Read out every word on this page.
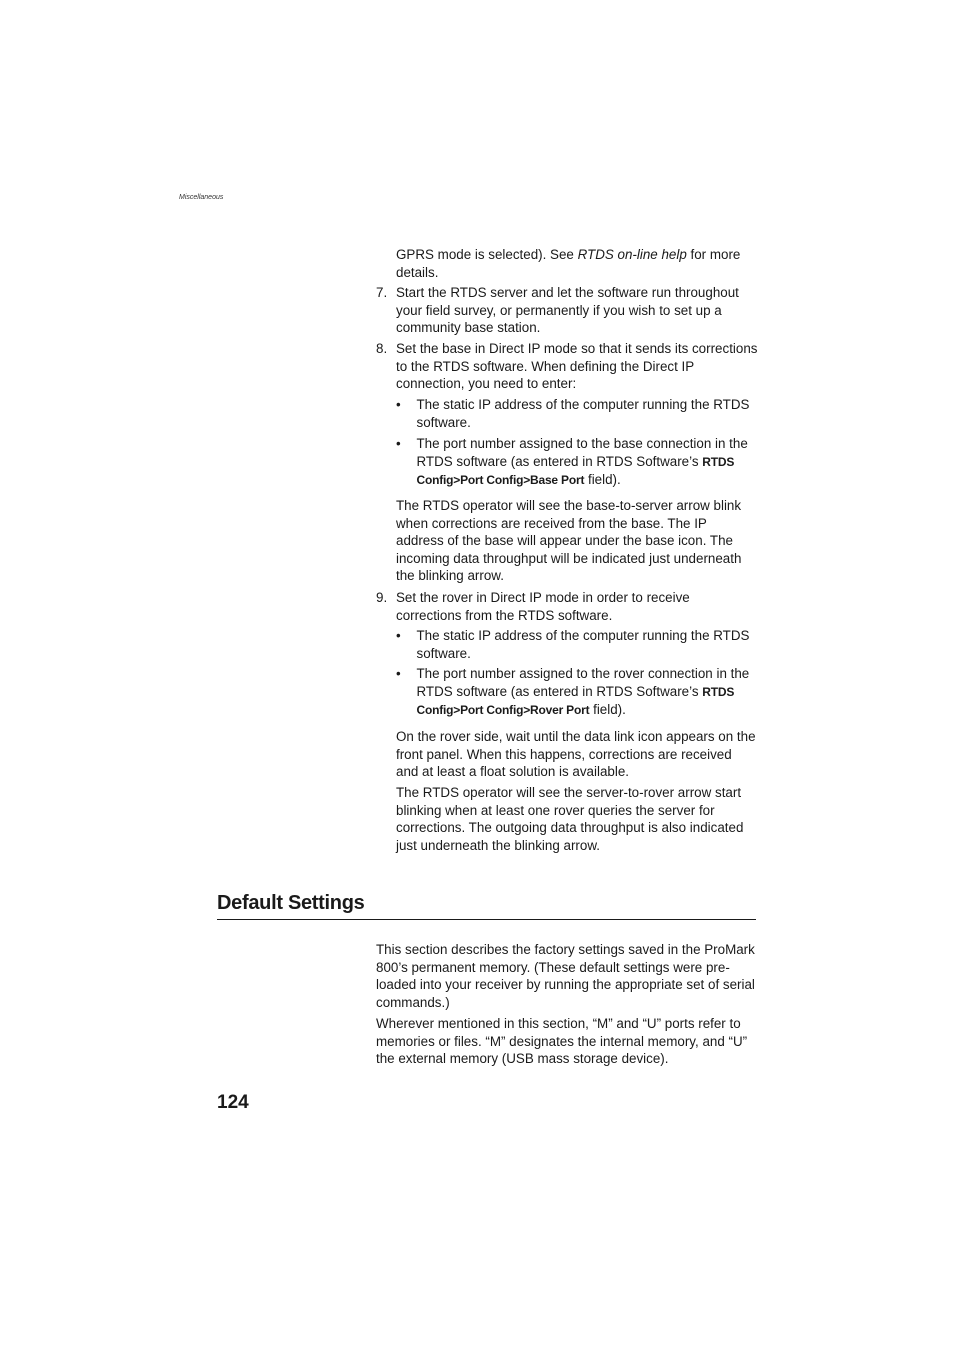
Miscellaneous

GPRS mode is selected). See RTDS on-line help for more details.

7. Start the RTDS server and let the software run throughout your field survey, or permanently if you wish to set up a community base station.
8. Set the base in Direct IP mode so that it sends its corrections to the RTDS software. When defining the Direct IP connection, you need to enter:
• The static IP address of the computer running the RTDS software.
• The port number assigned to the base connection in the RTDS software (as entered in RTDS Software’s RTDS Config>Port Config>Base Port field).

The RTDS operator will see the base-to-server arrow blink when corrections are received from the base. The IP address of the base will appear under the base icon. The incoming data throughput will be indicated just underneath the blinking arrow.

9. Set the rover in Direct IP mode in order to receive corrections from the RTDS software.
• The static IP address of the computer running the RTDS software.
• The port number assigned to the rover connection in the RTDS software (as entered in RTDS Software’s RTDS Config>Port Config>Rover Port field).

On the rover side, wait until the data link icon appears on the front panel. When this happens, corrections are received and at least a float solution is available.

The RTDS operator will see the server-to-rover arrow start blinking when at least one rover queries the server for corrections. The outgoing data throughput is also indicated just underneath the blinking arrow.

Default Settings

This section describes the factory settings saved in the ProMark 800’s permanent memory. (These default settings were pre-loaded into your receiver by running the appropriate set of serial commands.)

Wherever mentioned in this section, “M” and “U” ports refer to memories or files. “M” designates the internal memory, and “U” the external memory (USB mass storage device).

124
